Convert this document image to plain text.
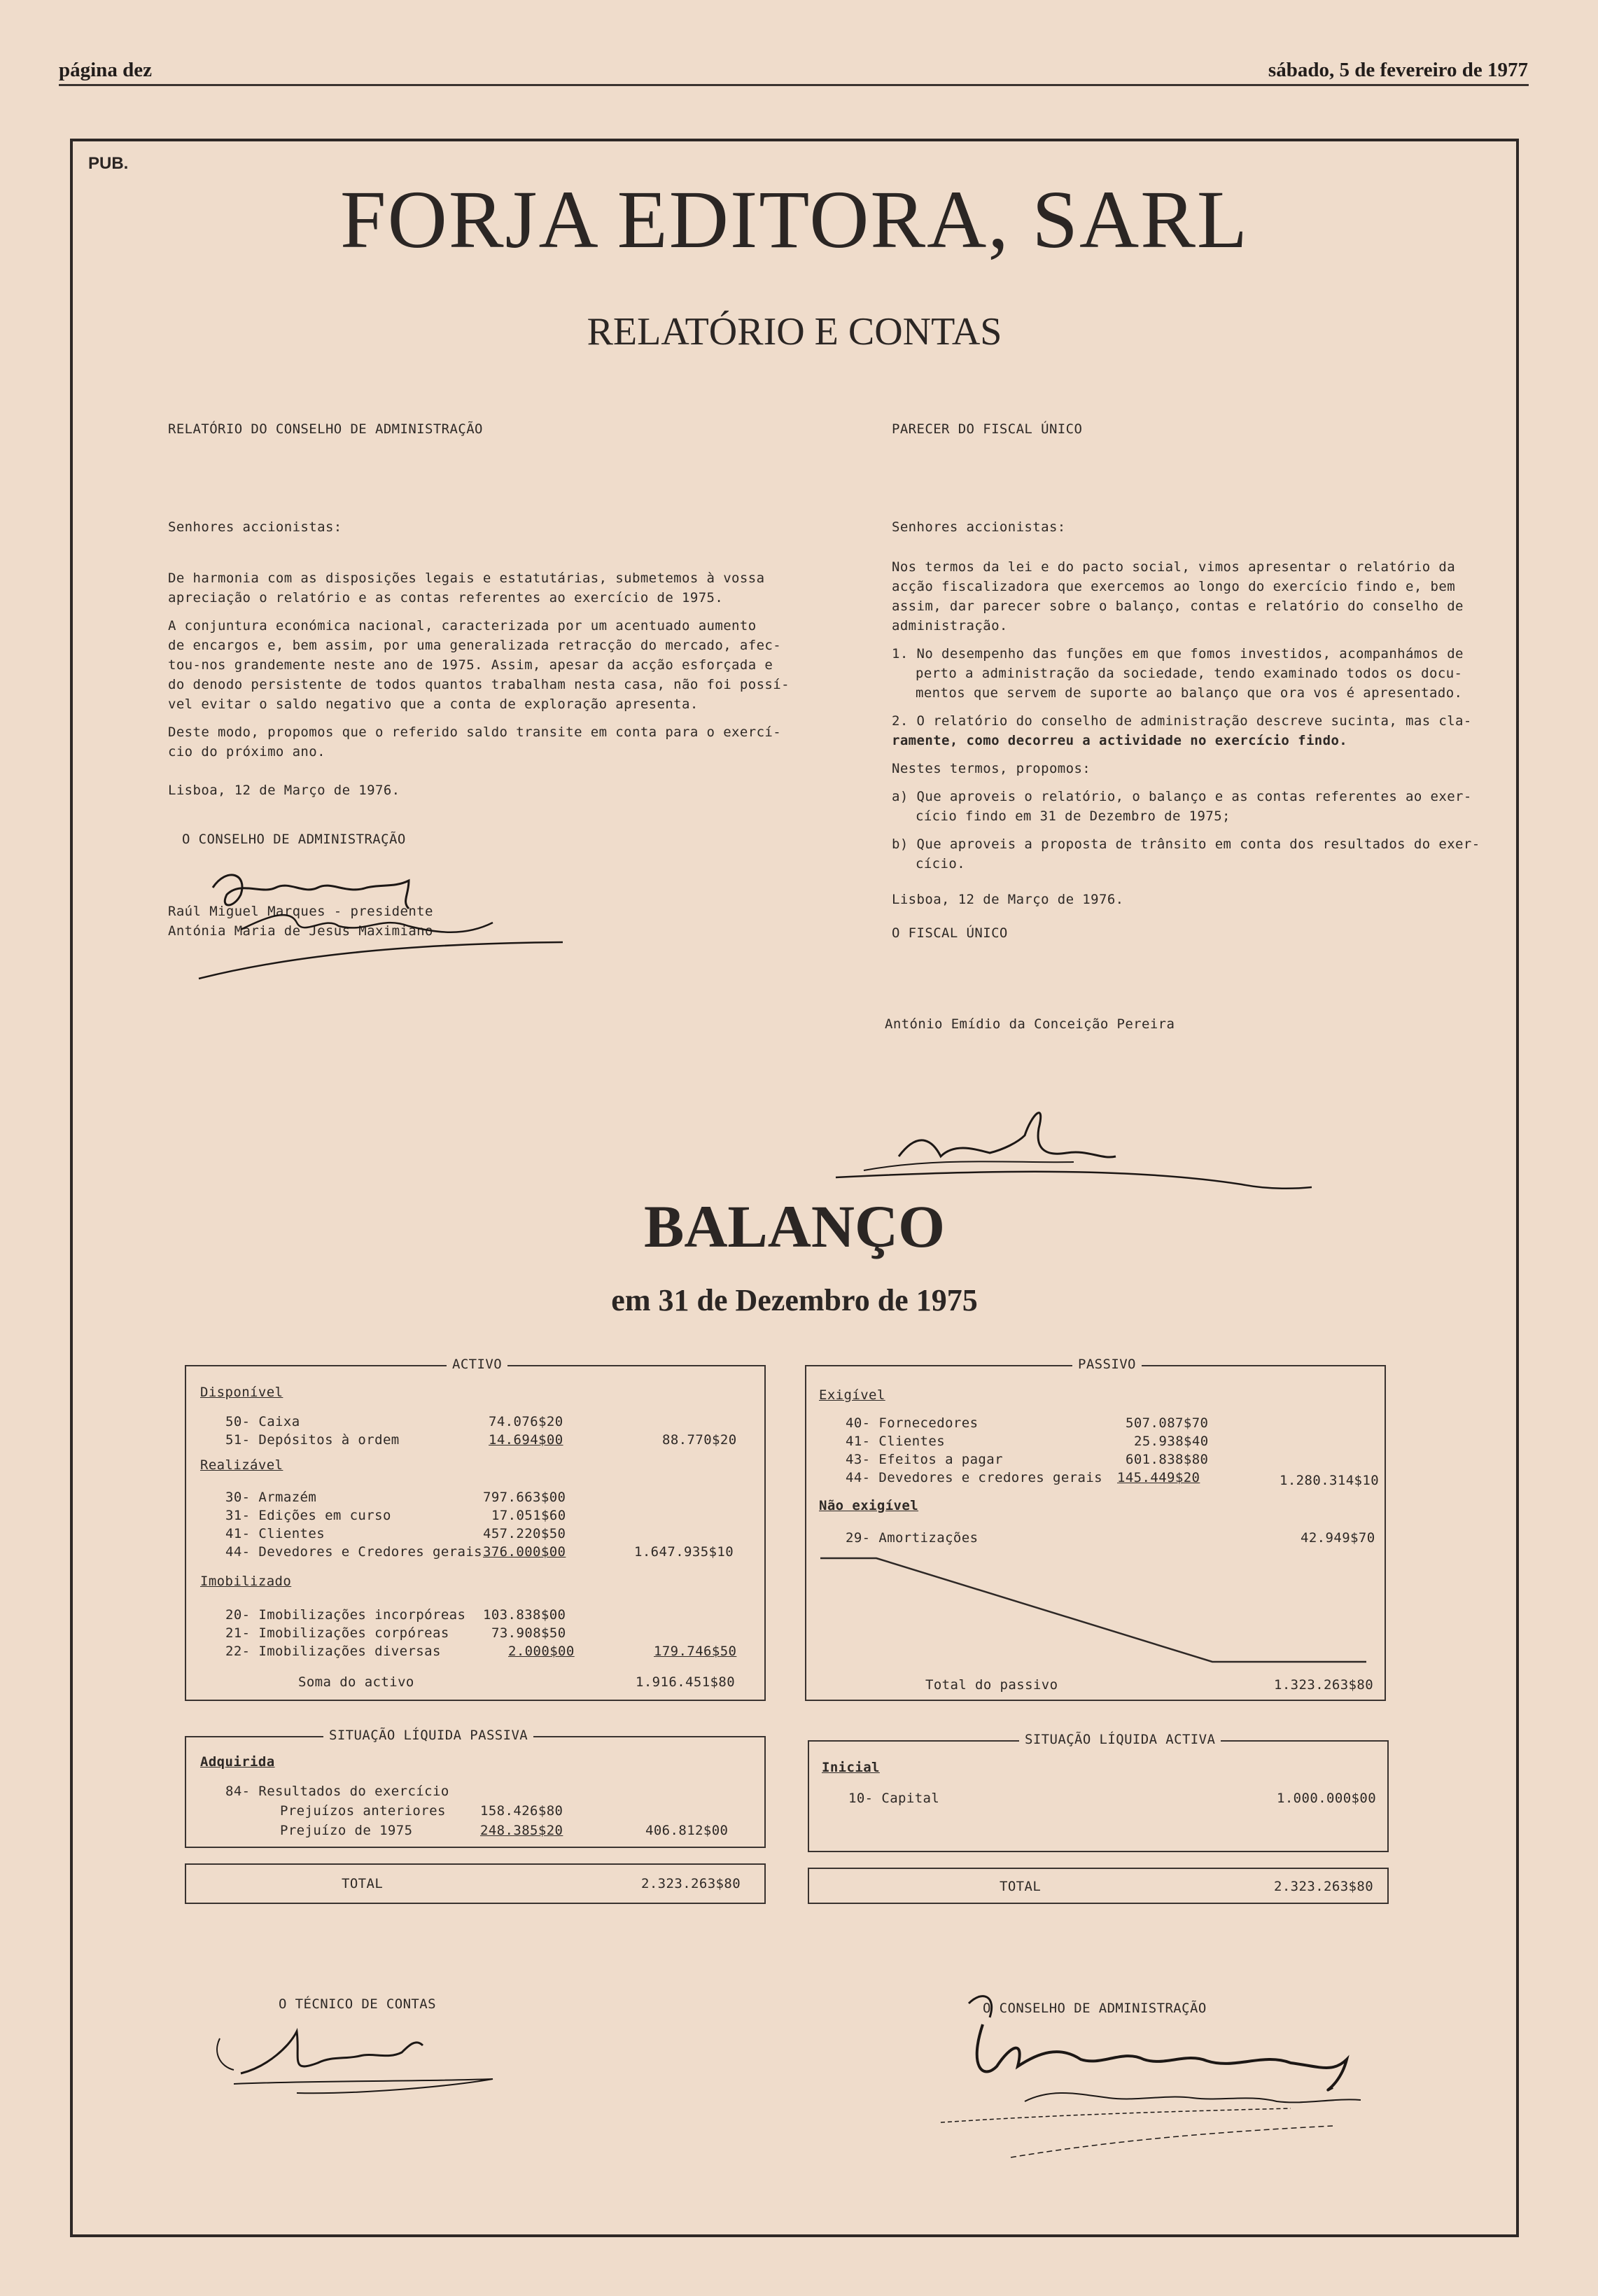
página dez	sábado, 5 de fevereiro de 1977
PUB.
FORJA EDITORA, SARL
RELATÓRIO E CONTAS
RELATÓRIO DO CONSELHO DE ADMINISTRAÇÃO
Senhores accionistas:

De harmonia com as disposições legais e estatutárias, submetemos à vossa
apreciação o relatório e as contas referentes ao exercício de 1975.

A conjuntura económica nacional, caracterizada por um acentuado aumento
de encargos e, bem assim, por uma generalizada retracção do mercado, afec-
tou-nos grandemente neste ano de 1975. Assim, apesar da acção esforçada e
do denodo persistente de todos quantos trabalham nesta casa, não foi possí-
vel evitar o saldo negativo que a conta de exploração apresenta.

Deste modo, propomos que o referido saldo transite em conta para o exercí-
cio do próximo ano.

Lisboa, 12 de Março de 1976.
O CONSELHO DE ADMINISTRAÇÃO
Raúl Miguel Marques - presidente
Antónia Maria de Jesus Maximiano
PARECER DO FISCAL ÚNICO
Senhores accionistas:

Nos termos da lei e do pacto social, vimos apresentar o relatório da
acção fiscalizadora que exercemos ao longo do exercício findo e, bem
assim, dar parecer sobre o balanço, contas e relatório do conselho de
administração.

1. No desempenho das funções em que fomos investidos, acompanhámos de
perto a administração da sociedade, tendo examinado todos os docu-
mentos que servem de suporte ao balanço que ora vos é apresentado.

2. O relatório do conselho de administração descreve sucinta, mas cla-
ramente, como decorreu a actividade no exercício findo.

Nestes termos, propomos:

a) Que aproveis o relatório, o balanço e as contas referentes ao exer-
cício findo em 31 de Dezembro de 1975;

b) Que aproveis a proposta de trânsito em conta dos resultados do exer-
cício.

Lisboa, 12 de Março de 1976.
O FISCAL ÚNICO
António Emídio da Conceição Pereira
BALANÇO
em 31 de Dezembro de 1975
ACTIVO
Disponível
50- Caixa	74.076$20
51- Depósitos à ordem	14.694$00	88.770$20
Realizável
30- Armazém	797.663$00
31- Edições em curso	17.051$60
41- Clientes	457.220$50
44- Devedores e Credores gerais 376.000$00	1.647.935$10
Imobilizado
20- Imobilizações incorpóreas 103.838$00
21- Imobilizações corpóreas	73.908$50
22- Imobilizações diversas	2.000$00	179.746$50
Soma do activo	1.916.451$80
PASSIVO
Exigível
40- Fornecedores	507.087$70
41- Clientes	25.938$40
43- Efeitos a pagar	601.838$80
44- Devedores e credores gerais 145.449$20	1.280.314$10
Não exigível
29- Amortizações	42.949$70
Total do passivo	1.323.263$80
SITUAÇÃO LÍQUIDA PASSIVA
Adquirida
84- Resultados do exercício
Prejuízos anteriores	158.426$80
Prejuízo de 1975	248.385$20	406.812$00
SITUAÇÃO LÍQUIDA ACTIVA
Inicial
10- Capital	1.000.000$00
TOTAL	2.323.263$80	TOTAL	2.323.263$80
O TÉCNICO DE CONTAS	O CONSELHO DE ADMINISTRAÇÃO
